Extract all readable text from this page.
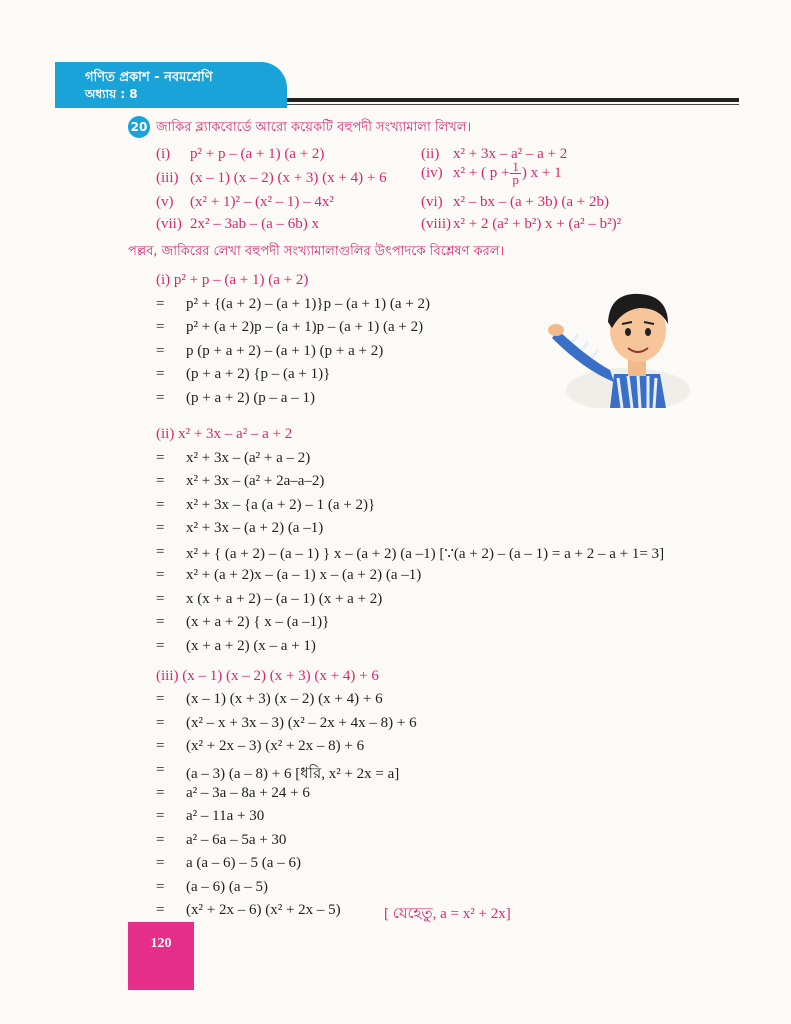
গণিত প্রকাশ - নবমশ্রেণি
অধ্যায় : 8
20 জাকির ব্ল্যাকবোর্ডে আরো কয়েকটি বহুপদী সংখ্যামালা লিখল।
(i) p² + p – (a + 1) (a + 2)	(ii) x² + 3x – a² – a + 2
(iii) (x – 1) (x – 2) (x + 3) (x + 4) + 6 (iv) x² + ( $p + \frac{1}{p}$ ) x + 1
(v) (x² + 1)² – (x² – 1) – 4x²	(vi) x² – bx – (a + 3b) (a + 2b)
(vii) 2x² – 3ab – (a – 6b) x	(viii) x² + 2 (a² + b²) x + (a² – b²)²
পল্লব, জাকিরের লেখা বহুপদী সংখ্যামালাগুলির উৎপাদকে বিশ্লেষণ করল।
(i) p² + p – (a + 1) (a + 2)
= p² + {(a + 2) – (a + 1)}p – (a + 1) (a + 2)
= p² + (a + 2)p – (a + 1)p – (a + 1) (a + 2)
= p (p + a + 2) – (a + 1) (p + a + 2)
= (p + a + 2) {p – (a + 1)}
= (p + a + 2) (p – a – 1)
(ii) x² + 3x – a² – a + 2
= x² + 3x – (a² + a – 2)
= x² + 3x – (a² + 2a–a–2)
= x² + 3x – {a (a + 2) – 1 (a + 2)}
= x² + 3x – (a + 2) (a –1)
= x² + { (a + 2) – (a – 1) } x – (a + 2) (a –1) [∵(a + 2) – (a – 1) = a + 2 – a + 1= 3]
= x² + (a + 2)x – (a – 1) x – (a + 2) (a –1)
= x (x + a + 2) – (a – 1) (x + a + 2)
= (x + a + 2) { x – (a –1)}
= (x + a + 2) (x – a + 1)
(iii) (x – 1) (x – 2) (x + 3) (x + 4) + 6
= (x – 1) (x + 3) (x – 2) (x + 4) + 6
= (x² – x + 3x – 3) (x² – 2x + 4x – 8) + 6
= (x² + 2x – 3) (x² + 2x – 8) + 6
= (a – 3) (a – 8) + 6 [ধরি, x² + 2x = a]
= a² – 3a – 8a + 24 + 6
= a² – 11a + 30
= a² – 6a – 5a + 30
= a (a – 6) – 5 (a – 6)
= (a – 6) (a – 5)
= (x² + 2x – 6) (x² + 2x – 5)	[ যেহেতু, a = x² + 2x]
120
